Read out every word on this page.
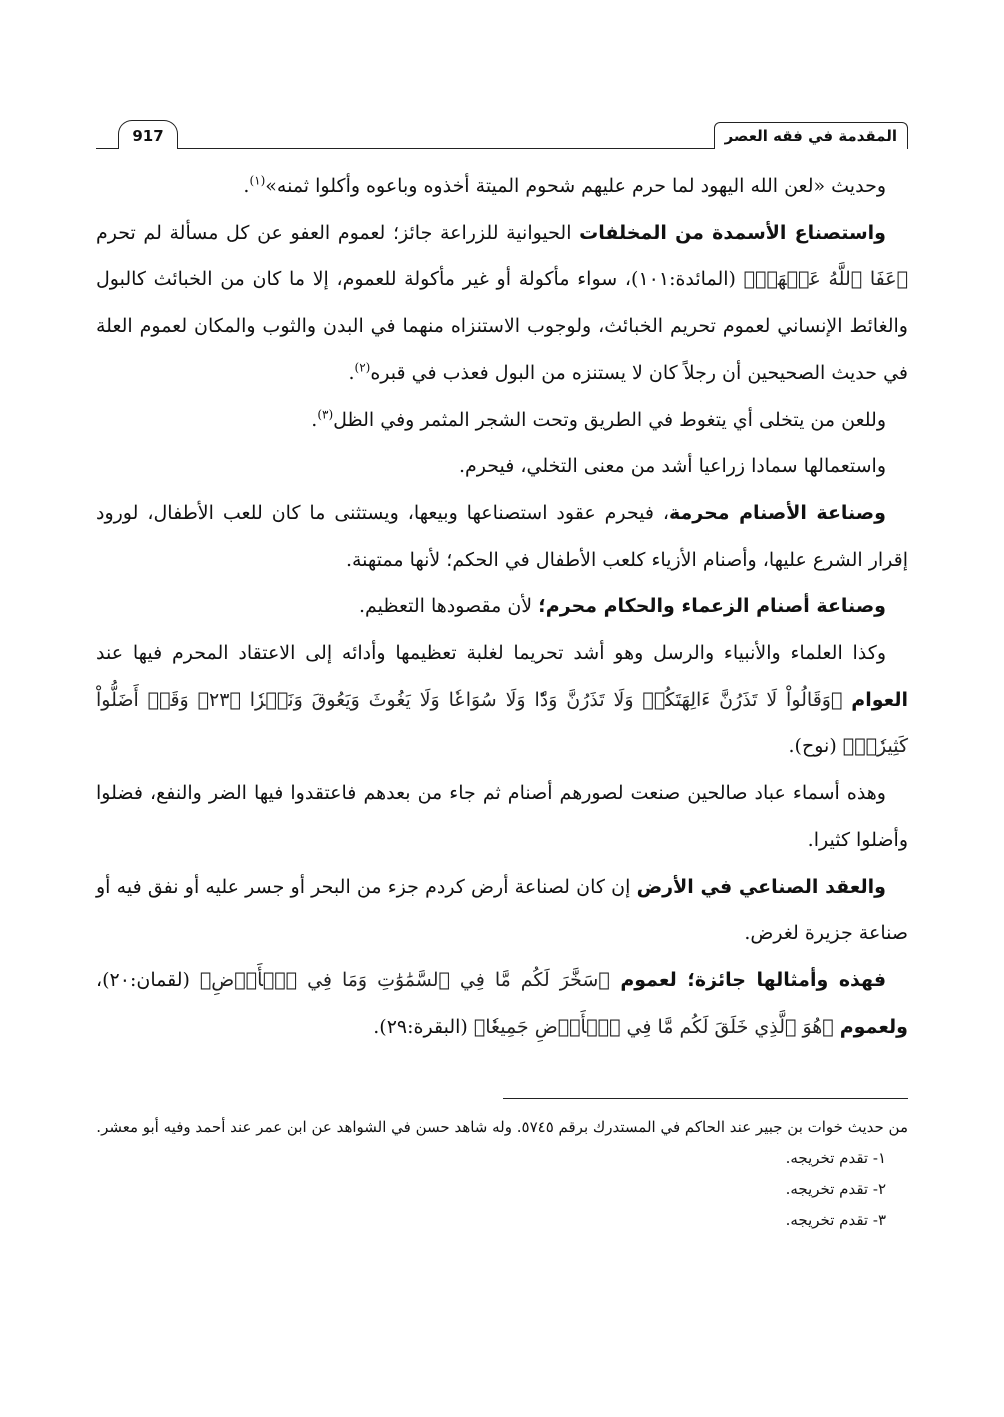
المقدمة في فقه العصر
917

وحديث «لعن الله اليهود لما حرم عليهم شحوم الميتة أخذوه وباعوه وأكلوا ثمنه»$^{(١)}$.

واستصناع الأسمدة من المخلفات الحيوانية للزراعة جائز؛ لعموم العفو عن كل مسألة لم تحرم ﴿عَفَا ٱللَّهُ عَنۡهَاۗ﴾ (المائدة:١٠١)، سواء مأكولة أو غير مأكولة للعموم، إلا ما كان من الخبائث كالبول والغائط الإنساني لعموم تحريم الخبائث، ولوجوب الاستنزاه منهما في البدن والثوب والمكان لعموم العلة في حديث الصحيحين أن رجلاً كان لا يستنزه من البول فعذب في قبره$^{(٢)}$.

وللعن من يتخلى أي يتغوط في الطريق وتحت الشجر المثمر وفي الظل$^{(٣)}$.

واستعمالها سمادا زراعيا أشد من معنى التخلي، فيحرم.

وصناعة الأصنام محرمة، فيحرم عقود استصناعها وبيعها، ويستثنى ما كان للعب الأطفال، لورود إقرار الشرع عليها، وأصنام الأزياء كلعب الأطفال في الحكم؛ لأنها ممتهنة.

وصناعة أصنام الزعماء والحكام محرم؛ لأن مقصودها التعظيم.

وكذا العلماء والأنبياء والرسل وهو أشد تحريما لغلبة تعظيمها وأدائه إلى الاعتقاد المحرم فيها عند العوام ﴿وَقَالُواْ لَا تَذَرُنَّ ءَالِهَتَكُمۡ وَلَا تَذَرُنَّ وَدّٗا وَلَا سُوَاعٗا وَلَا يَغُوثَ وَيَعُوقَ وَنَسۡرٗا ﴿٢٣﴾ وَقَدۡ أَضَلُّواْ كَثِيرٗاۖ﴾ (نوح).

وهذه أسماء عباد صالحين صنعت لصورهم أصنام ثم جاء من بعدهم فاعتقدوا فيها الضر والنفع، فضلوا وأضلوا كثيرا.

والعقد الصناعي في الأرض إن كان لصناعة أرض كردم جزء من البحر أو جسر عليه أو نفق فيه أو صناعة جزيرة لغرض.

فهذه وأمثالها جائزة؛ لعموم ﴿سَخَّرَ لَكُم مَّا فِي ٱلسَّمَٰوَٰتِ وَمَا فِي ٱلۡأَرۡضِ﴾ (لقمان:٢٠)، ولعموم ﴿هُوَ ٱلَّذِي خَلَقَ لَكُم مَّا فِي ٱلۡأَرۡضِ جَمِيعٗا﴾ (البقرة:٢٩).

من حديث خوات بن جبير عند الحاكم في المستدرك برقم ٥٧٤٥. وله شاهد حسن في الشواهد عن ابن عمر عند أحمد وفيه أبو معشر.

١- تقدم تخريجه.

٢- تقدم تخريجه.

٣- تقدم تخريجه.
